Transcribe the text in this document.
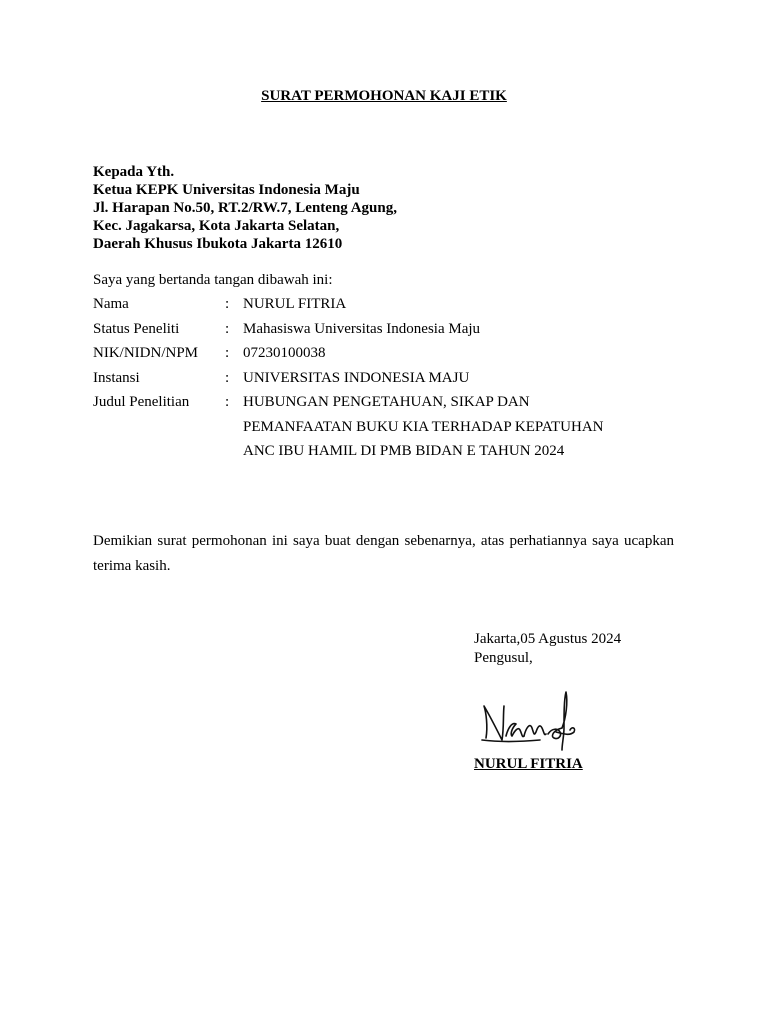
SURAT PERMOHONAN KAJI ETIK
Kepada Yth.
Ketua KEPK Universitas Indonesia Maju
Jl. Harapan No.50, RT.2/RW.7, Lenteng Agung,
Kec. Jagakarsa, Kota Jakarta Selatan,
Daerah Khusus Ibukota Jakarta 12610
Saya yang bertanda tangan dibawah ini:
Nama	: NURUL FITRIA
Status Peneliti	: Mahasiswa Universitas Indonesia Maju
NIK/NIDN/NPM : 07230100038
Instansi	: UNIVERSITAS INDONESIA MAJU
Judul Penelitian : HUBUNGAN PENGETAHUAN, SIKAP DAN
PEMANFAATAN BUKU KIA TERHADAP KEPATUHAN
ANC IBU HAMIL DI PMB BIDAN E TAHUN 2024
Demikian surat permohonan ini saya buat dengan sebenarnya, atas perhatiannya saya ucapkan terima kasih.
Jakarta,05 Agustus 2024
Pengusul,
NURUL FITRIA
